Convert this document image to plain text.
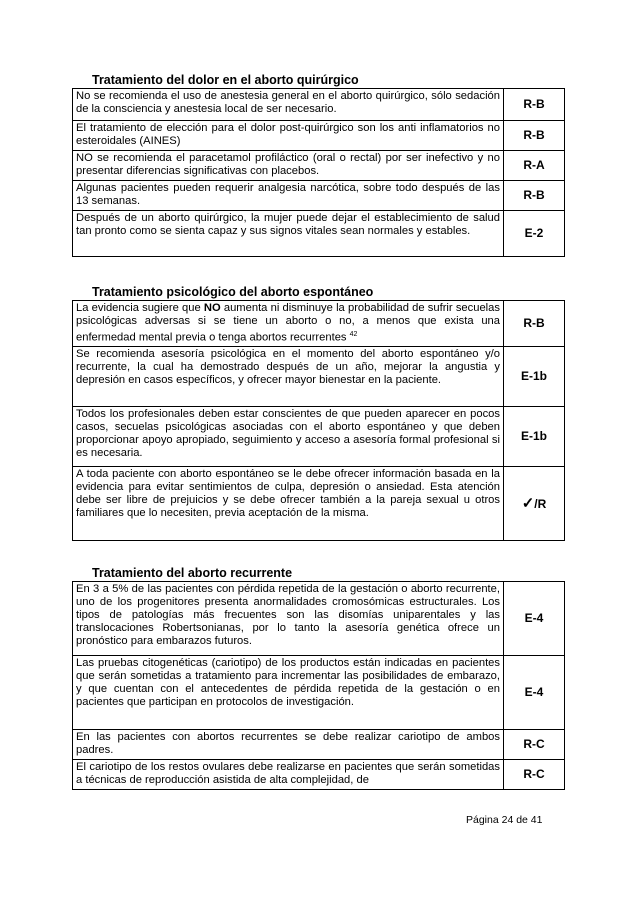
Tratamiento del dolor en el aborto quirúrgico
No se recomienda el uso de anestesia general en el aborto quirúrgico, sólo sedación de la consciencia y anestesia local de ser necesario.	R-B
El tratamiento de elección para el dolor post-quirúrgico son los anti inflamatorios no esteroidales (AINES)	R-B
NO se recomienda el paracetamol profiláctico (oral o rectal) por ser inefectivo y no presentar diferencias significativas con placebos.	R-A
Algunas pacientes pueden requerir analgesia narcótica, sobre todo después de las 13 semanas.	R-B
Después de un aborto quirúrgico, la mujer puede dejar el establecimiento de salud tan pronto como se sienta capaz y sus signos vitales sean normales y estables.	E-2
Tratamiento psicológico del aborto espontáneo
La evidencia sugiere que NO aumenta ni disminuye la probabilidad de sufrir secuelas psicológicas adversas si se tiene un aborto o no, a menos que exista una enfermedad mental previa o tenga abortos recurrentes $^{42}$	R-B
Se recomienda asesoría psicológica en el momento del aborto espontáneo y/o recurrente, la cual ha demostrado después de un año, mejorar la angustia y depresión en casos específicos, y ofrecer mayor bienestar en la paciente.	E-1b
Todos los profesionales deben estar conscientes de que pueden aparecer en pocos casos, secuelas psicológicas asociadas con el aborto espontáneo y que deben proporcionar apoyo apropiado, seguimiento y acceso a asesoría formal profesional si es necesaria.	E-1b
A toda paciente con aborto espontáneo se le debe ofrecer información basada en la evidencia para evitar sentimientos de culpa, depresión o ansiedad. Esta atención debe ser libre de prejuicios y se debe ofrecer también a la pareja sexual u otros familiares que lo necesiten, previa aceptación de la misma.	✓/R
Tratamiento del aborto recurrente
En 3 a 5% de las pacientes con pérdida repetida de la gestación o aborto recurrente, uno de los progenitores presenta anormalidades cromosómicas estructurales. Los tipos de patologías más frecuentes son las disomías uniparentales y las translocaciones Robertsonianas, por lo tanto la asesoría genética ofrece un pronóstico para embarazos futuros.	E-4
Las pruebas citogenéticas (cariotipo) de los productos están indicadas en pacientes que serán sometidas a tratamiento para incrementar las posibilidades de embarazo, y que cuentan con el antecedentes de pérdida repetida de la gestación o en pacientes que participan en protocolos de investigación.	E-4
En las pacientes con abortos recurrentes se debe realizar cariotipo de ambos padres.	R-C
El cariotipo de los restos ovulares debe realizarse en pacientes que serán sometidas a técnicas de reproducción asistida de alta complejidad, de	R-C
Página 24 de 41
